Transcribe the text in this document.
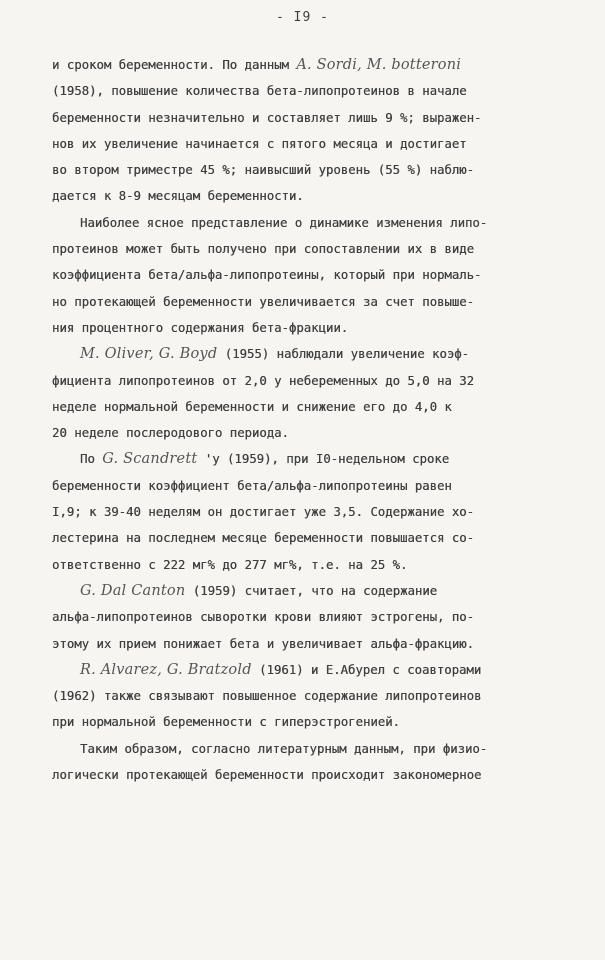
- I9 -
и сроком беременности. По данным A. Sordi, M. botteroni
(1958), повышение количества бета-липопротеинов в начале
беременности незначительно и составляет лишь 9 %; выражен-
нов их увеличение начинается с пятого месяца и достигает
во втором триместре 45 %; наивысший уровень (55 %) наблю-
дается к 8-9 месяцам беременности.
Наиболее ясное представление о динамике изменения липо-
протеинов может быть получено при сопоставлении их в виде
коэффициента бета/альфа-липопротеины, который при нормаль-
но протекающей беременности увеличивается за счет повыше-
ния процентного содержания бета-фракции.
M. Oliver, G. Boyd (1955) наблюдали увеличение коэф-
фициента липопротеинов от 2,0 у небеременных до 5,0 на 32
неделе нормальной беременности и снижение его до 4,0 к
20 неделе послеродового периода.
По G. Scandrett 'у (1959), при I0-недельном сроке
беременности коэффициент бета/альфа-липопротеины равен
I,9; к 39-40 неделям он достигает уже 3,5. Содержание хо-
лестерина на последнем месяце беременности повышается со-
ответственно с 222 мг% до 277 мг%, т.е. на 25 %.
G. Dal Canton (1959) считает, что на содержание
альфа-липопротеинов сыворотки крови влияют эстрогены, по-
этому их прием понижает бета и увеличивает альфа-фракцию.
R. Alvarez, G. Bratzold (1961) и Е.Абурел с соавторами
(1962) также связывают повышенное содержание липопротеинов
при нормальной беременности с гиперэстрогенией.
Таким образом, согласно литературным данным, при физио-
логически протекающей беременности происходит закономерное
